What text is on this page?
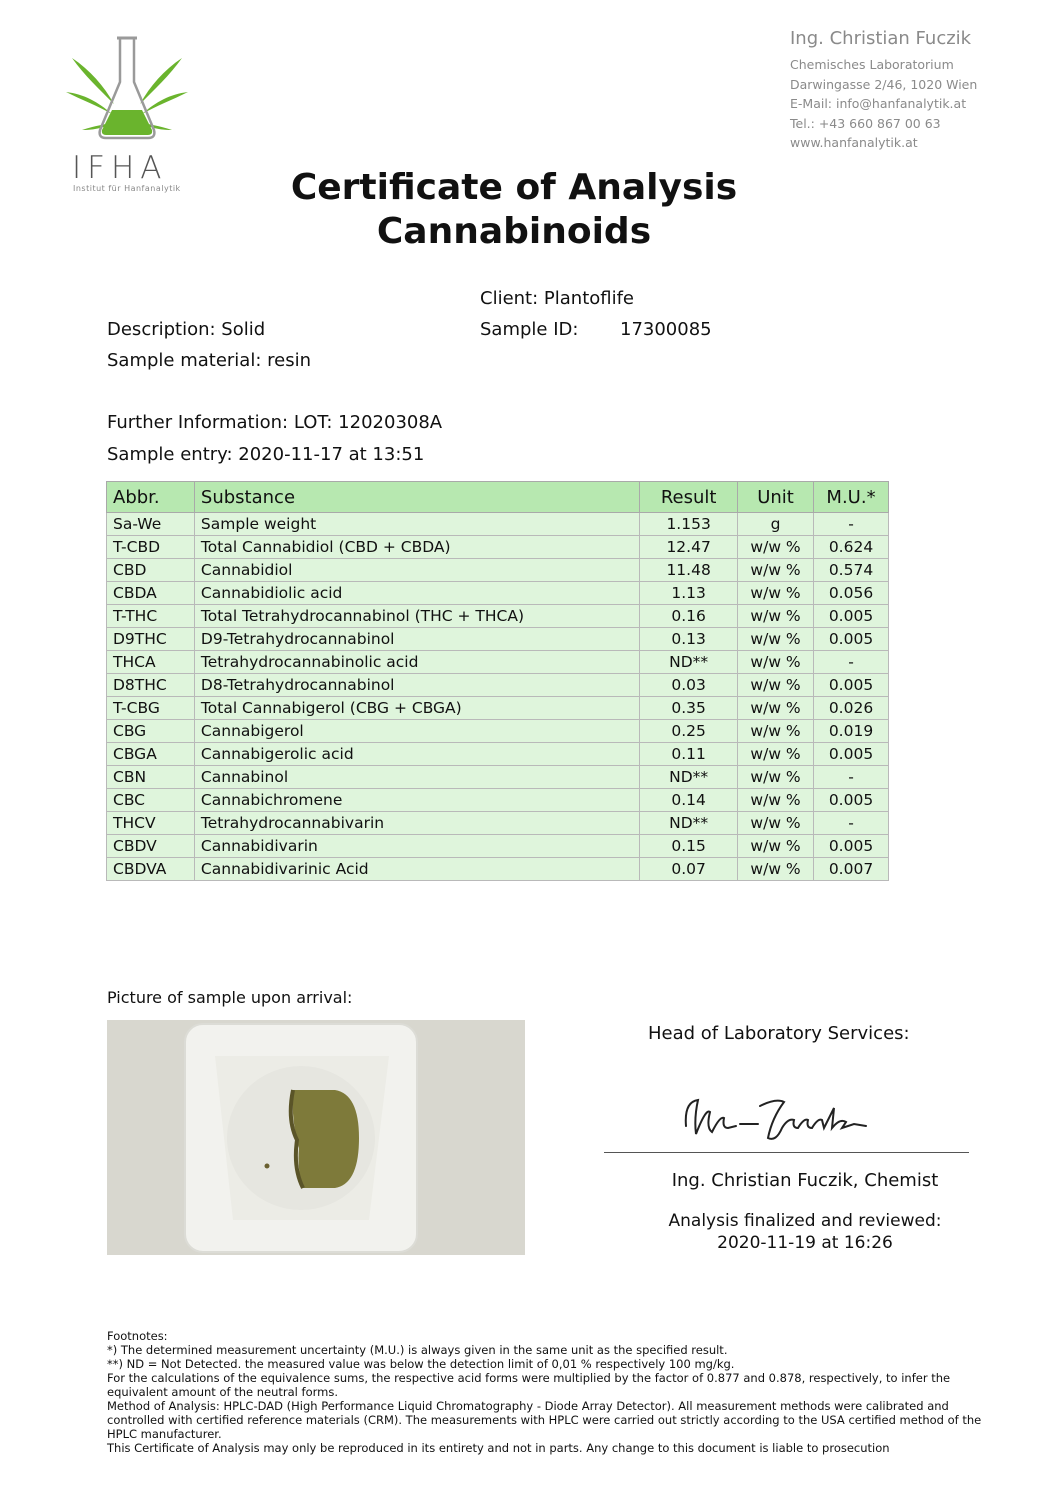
IFHA
Institut für Hanfanalytik
Ing. Christian Fuczik
Chemisches Laboratorium
Darwingasse 2/46, 1020 Wien
E-Mail: info@hanfanalytik.at
Tel.: +43 660 867 00 63
www.hanfanalytik.at
Certificate of Analysis
Cannabinoids
Client: Plantoflife
Description: Solid	Sample ID: 17300085
Sample material: resin
Further Information: LOT: 12020308A
Sample entry: 2020-11-17 at 13:51
Abbr.	Substance	Result	Unit	M.U.*
Sa-We	Sample weight	1.153	g	-
T-CBD	Total Cannabidiol (CBD + CBDA)	12.47	w/w %	0.624
CBD	Cannabidiol	11.48	w/w %	0.574
CBDA	Cannabidiolic acid	1.13	w/w %	0.056
T-THC	Total Tetrahydrocannabinol (THC + THCA)	0.16	w/w %	0.005
D9THC	D9-Tetrahydrocannabinol	0.13	w/w %	0.005
THCA	Tetrahydrocannabinolic acid	ND**	w/w %	-
D8THC	D8-Tetrahydrocannabinol	0.03	w/w %	0.005
T-CBG	Total Cannabigerol (CBG + CBGA)	0.35	w/w %	0.026
CBG	Cannabigerol	0.25	w/w %	0.019
CBGA	Cannabigerolic acid	0.11	w/w %	0.005
CBN	Cannabinol	ND**	w/w %	-
CBC	Cannabichromene	0.14	w/w %	0.005
THCV	Tetrahydrocannabivarin	ND**	w/w %	-
CBDV	Cannabidivarin	0.15	w/w %	0.005
CBDVA	Cannabidivarinic Acid	0.07	w/w %	0.007
Picture of sample upon arrival:
Head of Laboratory Services:
Ing. Christian Fuczik, Chemist
Analysis finalized and reviewed:
2020-11-19 at 16:26
Footnotes:
*) The determined measurement uncertainty (M.U.) is always given in the same unit as the specified result.
**) ND = Not Detected. the measured value was below the detection limit of 0,01 % respectively 100 mg/kg.
For the calculations of the equivalence sums, the respective acid forms were multiplied by the factor of 0.877 and 0.878, respectively, to infer the equivalent amount of the neutral forms.
Method of Analysis: HPLC-DAD (High Performance Liquid Chromatography - Diode Array Detector). All measurement methods were calibrated and controlled with certified reference materials (CRM). The measurements with HPLC were carried out strictly according to the USA certified method of the HPLC manufacturer.
This Certificate of Analysis may only be reproduced in its entirety and not in parts. Any change to this document is liable to prosecution
